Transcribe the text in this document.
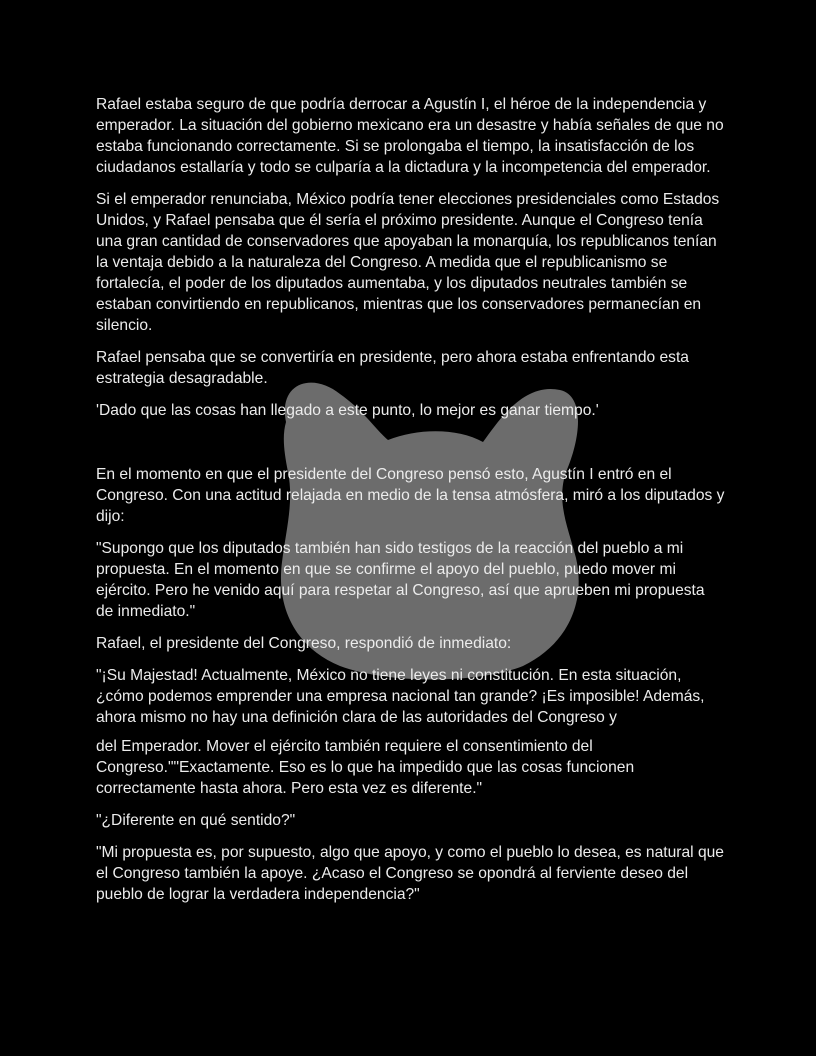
Rafael estaba seguro de que podría derrocar a Agustín I, el héroe de la independencia y emperador. La situación del gobierno mexicano era un desastre y había señales de que no estaba funcionando correctamente. Si se prolongaba el tiempo, la insatisfacción de los ciudadanos estallaría y todo se culparía a la dictadura y la incompetencia del emperador.

Si el emperador renunciaba, México podría tener elecciones presidenciales como Estados Unidos, y Rafael pensaba que él sería el próximo presidente. Aunque el Congreso tenía una gran cantidad de conservadores que apoyaban la monarquía, los republicanos tenían la ventaja debido a la naturaleza del Congreso. A medida que el republicanismo se fortalecía, el poder de los diputados aumentaba, y los diputados neutrales también se estaban convirtiendo en republicanos, mientras que los conservadores permanecían en silencio.

Rafael pensaba que se convertiría en presidente, pero ahora estaba enfrentando esta estrategia desagradable.

'Dado que las cosas han llegado a este punto, lo mejor es ganar tiempo.'

En el momento en que el presidente del Congreso pensó esto, Agustín I entró en el Congreso. Con una actitud relajada en medio de la tensa atmósfera, miró a los diputados y dijo:

"Supongo que los diputados también han sido testigos de la reacción del pueblo a mi propuesta. En el momento en que se confirme el apoyo del pueblo, puedo mover mi ejército. Pero he venido aquí para respetar al Congreso, así que aprueben mi propuesta de inmediato."

Rafael, el presidente del Congreso, respondió de inmediato:

"¡Su Majestad! Actualmente, México no tiene leyes ni constitución. En esta situación, ¿cómo podemos emprender una empresa nacional tan grande? ¡Es imposible! Además, ahora mismo no hay una definición clara de las autoridades del Congreso y
del Emperador. Mover el ejército también requiere el consentimiento del Congreso.""Exactamente. Eso es lo que ha impedido que las cosas funcionen correctamente hasta ahora. Pero esta vez es diferente."

"¿Diferente en qué sentido?"

"Mi propuesta es, por supuesto, algo que apoyo, y como el pueblo lo desea, es natural que el Congreso también la apoye. ¿Acaso el Congreso se opondrá al ferviente deseo del pueblo de lograr la verdadera independencia?"
